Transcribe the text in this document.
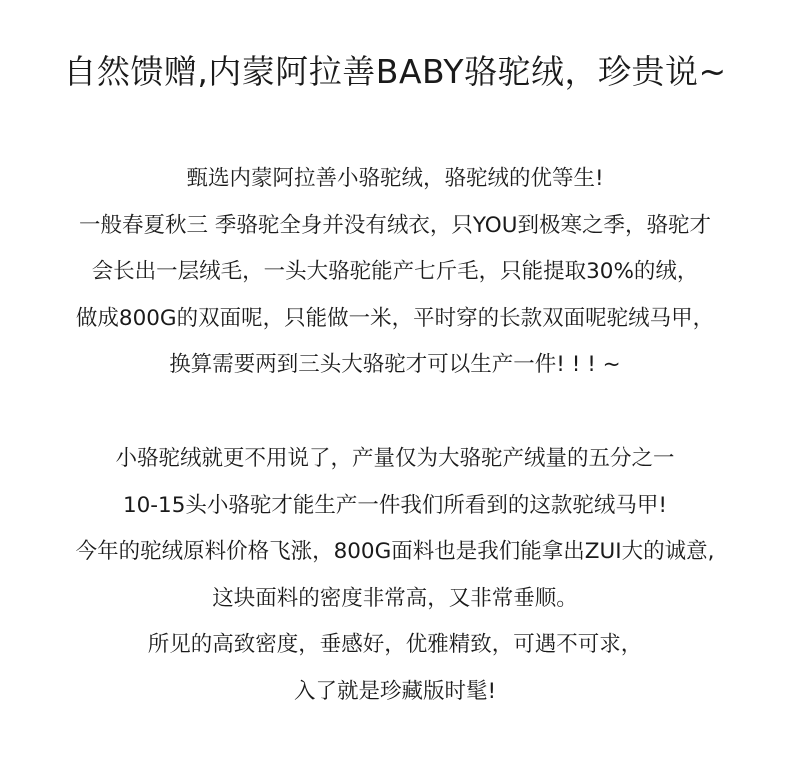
自然馈赠,内蒙阿拉善BABY骆驼绒，珍贵说~
甄选内蒙阿拉善小骆驼绒，骆驼绒的优等生!
一般春夏秋三 季骆驼全身并没有绒衣，只YOU到极寒之季，骆驼才
会长出一层绒毛，一头大骆驼能产七斤毛，只能提取30%的绒，
做成800G的双面呢，只能做一米，平时穿的长款双面呢驼绒马甲，
换算需要两到三头大骆驼才可以生产一件! ! ! ~
小骆驼绒就更不用说了，产量仅为大骆驼产绒量的五分之一
10-15头小骆驼才能生产一件我们所看到的这款驼绒马甲!
今年的驼绒原料价格飞涨，800G面料也是我们能拿出ZUI大的诚意,
这块面料的密度非常高，又非常垂顺。
所见的高致密度，垂感好，优雅精致，可遇不可求，
入了就是珍藏版时髦!
